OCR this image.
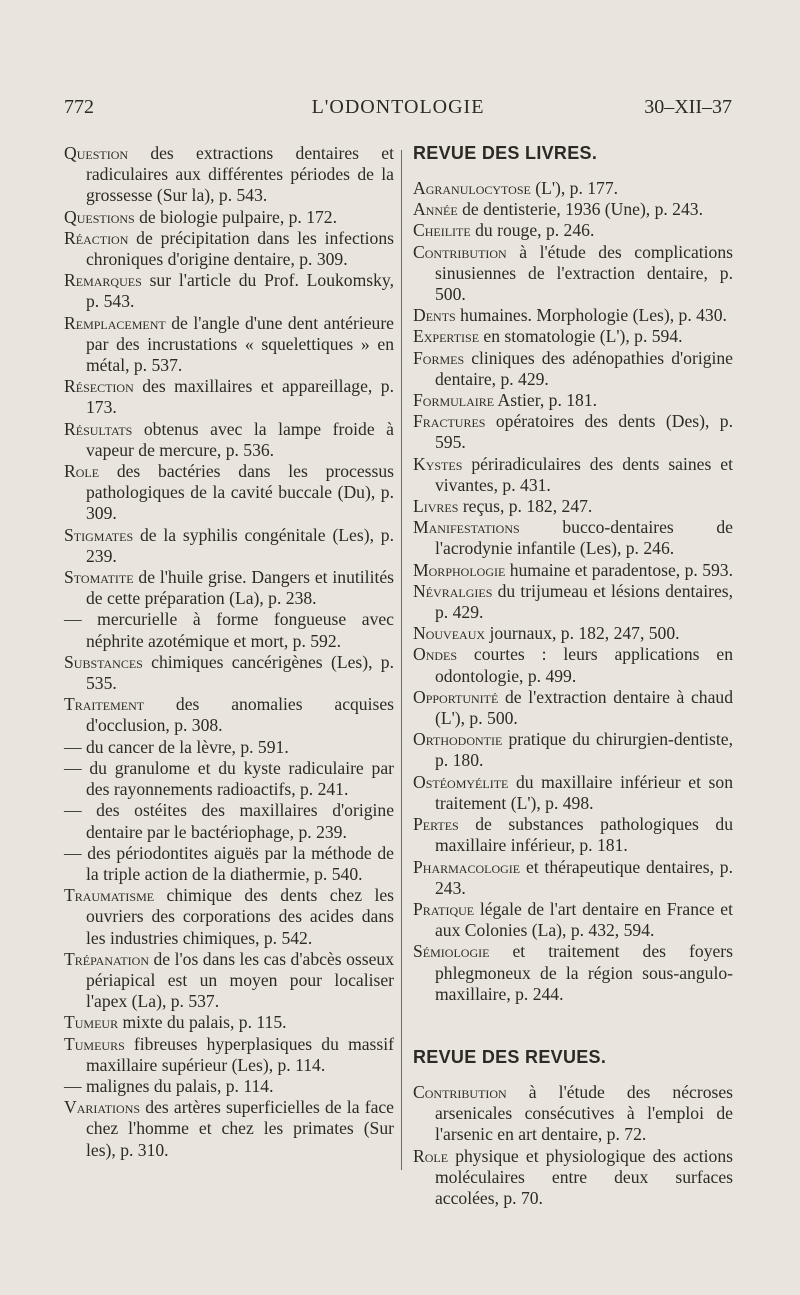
772	L'ODONTOLOGIE	30–XII–37

Question des extractions dentaires et radiculaires aux différentes périodes de la grossesse (Sur la), p. 543.

Questions de biologie pulpaire, p. 172.

Réaction de précipitation dans les infections chroniques d'origine dentaire, p. 309.

Remarques sur l'article du Prof. Loukomsky, p. 543.

Remplacement de l'angle d'une dent antérieure par des incrustations « squelettiques » en métal, p. 537.

Résection des maxillaires et appareillage, p. 173.

Résultats obtenus avec la lampe froide à vapeur de mercure, p. 536.

Role des bactéries dans les processus pathologiques de la cavité buccale (Du), p. 309.

Stigmates de la syphilis congénitale (Les), p. 239.

Stomatite de l'huile grise. Dangers et inutilités de cette préparation (La), p. 238.

— mercurielle à forme fongueuse avec néphrite azotémique et mort, p. 592.

Substances chimiques cancérigènes (Les), p. 535.

Traitement des anomalies acquises d'occlusion, p. 308.

— du cancer de la lèvre, p. 591.

— du granulome et du kyste radiculaire par des rayonnements radioactifs, p. 241.

— des ostéites des maxillaires d'origine dentaire par le bactériophage, p. 239.

— des périodontites aiguës par la méthode de la triple action de la diathermie, p. 540.

Traumatisme chimique des dents chez les ouvriers des corporations des acides dans les industries chimiques, p. 542.

Trépanation de l'os dans les cas d'abcès osseux périapical est un moyen pour localiser l'apex (La), p. 537.

Tumeur mixte du palais, p. 115.

Tumeurs fibreuses hyperplasiques du massif maxillaire supérieur (Les), p. 114.

— malignes du palais, p. 114.

Variations des artères superficielles de la face chez l'homme et chez les primates (Sur les), p. 310.

REVUE DES LIVRES.

Agranulocytose (L'), p. 177.

Année de dentisterie, 1936 (Une), p. 243.

Cheilite du rouge, p. 246.

Contribution à l'étude des complications sinusiennes de l'extraction dentaire, p. 500.

Dents humaines. Morphologie (Les), p. 430.

Expertise en stomatologie (L'), p. 594.

Formes cliniques des adénopathies d'origine dentaire, p. 429.

Formulaire Astier, p. 181.

Fractures opératoires des dents (Des), p. 595.

Kystes périradiculaires des dents saines et vivantes, p. 431.

Livres reçus, p. 182, 247.

Manifestations bucco-dentaires de l'acrodynie infantile (Les), p. 246.

Morphologie humaine et paradentose, p. 593.

Névralgies du trijumeau et lésions dentaires, p. 429.

Nouveaux journaux, p. 182, 247, 500.

Ondes courtes : leurs applications en odontologie, p. 499.

Opportunité de l'extraction dentaire à chaud (L'), p. 500.

Orthodontie pratique du chirurgien-dentiste, p. 180.

Ostéomyélite du maxillaire inférieur et son traitement (L'), p. 498.

Pertes de substances pathologiques du maxillaire inférieur, p. 181.

Pharmacologie et thérapeutique dentaires, p. 243.

Pratique légale de l'art dentaire en France et aux Colonies (La), p. 432, 594.

Sémiologie et traitement des foyers phlegmoneux de la région sous-angulo-maxillaire, p. 244.

REVUE DES REVUES.

Contribution à l'étude des nécroses arsenicales consécutives à l'emploi de l'arsenic en art dentaire, p. 72.

Role physique et physiologique des actions moléculaires entre deux surfaces accolées, p. 70.
